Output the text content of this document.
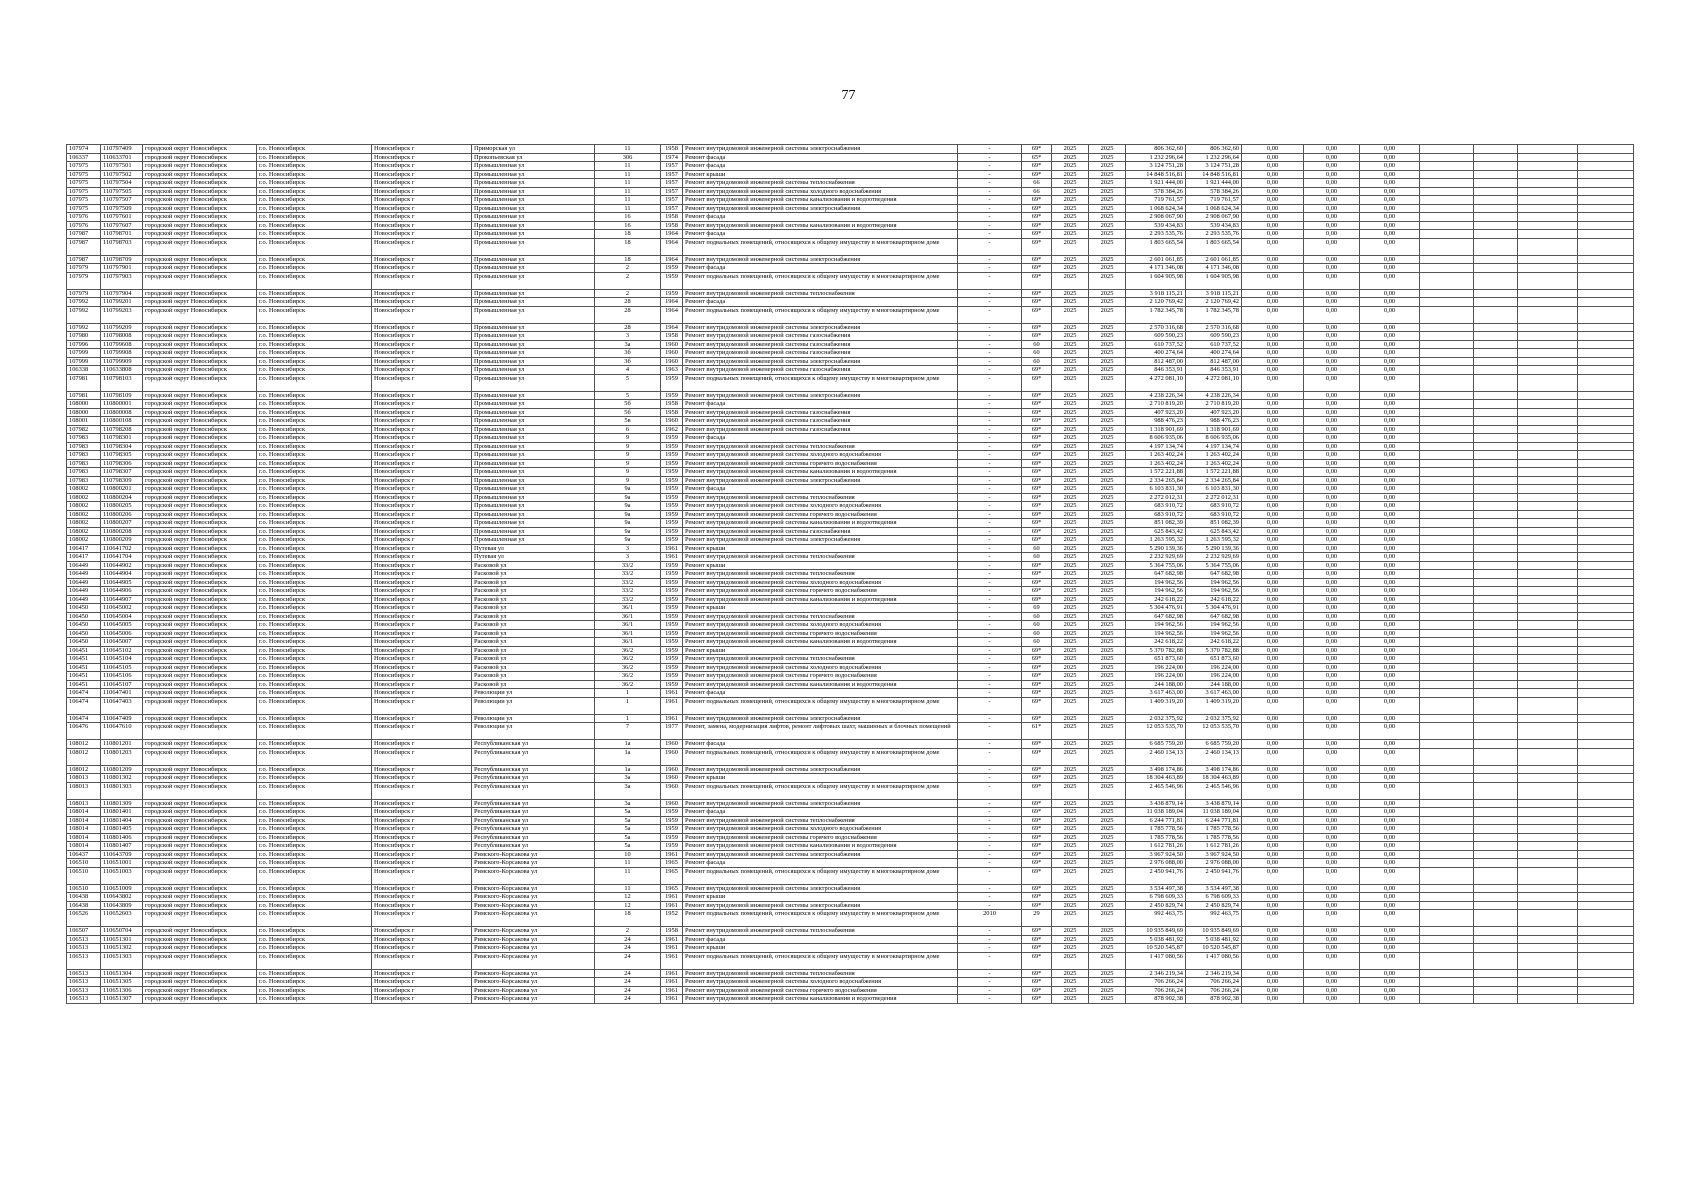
77
107974	110797409	городской округ Новосибирск	г.о. Новосибирск	Новосибирск г	Приморская ул	11	1958	Ремонт внутридомовой инженерной системы электроснабжения	-	69*	2025	2025	806 362,60	806 362,60	0,00	0,00	0,00				
106337	110633701	городской округ Новосибирск	г.о. Новосибирск	Новосибирск г	Прокопьевская ул	306	1974	Ремонт фасада	-	65*	2025	2025	1 232 296,64	1 232 296,64	0,00	0,00	0,00				
107975	110797501	городской округ Новосибирск	г.о. Новосибирск	Новосибирск г	Промышленная ул	11	1957	Ремонт фасада	-	69*	2025	2025	3 124 751,28	3 124 751,28	0,00	0,00	0,00				
107975	110797502	городской округ Новосибирск	г.о. Новосибирск	Новосибирск г	Промышленная ул	11	1957	Ремонт крыши	-	69*	2025	2025	14 848 516,81	14 848 516,81	0,00	0,00	0,00				
107975	110797504	городской округ Новосибирск	г.о. Новосибирск	Новосибирск г	Промышленная ул	11	1957	Ремонт внутридомовой инженерной системы теплоснабжения	-	66	2025	2025	1 921 444,00	1 921 444,00	0,00	0,00	0,00				
107975	110797505	городской округ Новосибирск	г.о. Новосибирск	Новосибирск г	Промышленная ул	11	1957	Ремонт внутридомовой инженерной системы холодного водоснабжения	-	66	2025	2025	578 384,26	578 384,26	0,00	0,00	0,00				
107975	110797507	городской округ Новосибирск	г.о. Новосибирск	Новосибирск г	Промышленная ул	11	1957	Ремонт внутридомовой инженерной системы канализования и водоотведения	-	69*	2025	2025	719 761,57	719 761,57	0,00	0,00	0,00				
107975	110797509	городской округ Новосибирск	г.о. Новосибирск	Новосибирск г	Промышленная ул	11	1957	Ремонт внутридомовой инженерной системы электроснабжения	-	69*	2025	2025	1 068 624,34	1 068 624,34	0,00	0,00	0,00				
107976	110797601	городской округ Новосибирск	г.о. Новосибирск	Новосибирск г	Промышленная ул	16	1958	Ремонт фасада	-	69*	2025	2025	2 908 067,90	2 908 067,90	0,00	0,00	0,00				
107976	110797607	городской округ Новосибирск	г.о. Новосибирск	Новосибирск г	Промышленная ул	16	1958	Ремонт внутридомовой инженерной системы канализования и водоотведения	-	69*	2025	2025	539 434,83	539 434,83	0,00	0,00	0,00				
107987	110798701	городской округ Новосибирск	г.о. Новосибирск	Новосибирск г	Промышленная ул	18	1964	Ремонт фасада	-	69*	2025	2025	2 293 535,76	2 293 535,76	0,00	0,00	0,00				
107987	110798703	городской округ Новосибирск	г.о. Новосибирск	Новосибирск г	Промышленная ул	18	1964	Ремонт подвальных помещений, относящихся к общему имуществу в многоквартирном доме	-	69*	2025	2025	1 803 665,54	1 803 665,54	0,00	0,00	0,00				
107987	110798709	городской округ Новосибирск	г.о. Новосибирск	Новосибирск г	Промышленная ул	18	1964	Ремонт внутридомовой инженерной системы электроснабжения	-	69*	2025	2025	2 601 061,85	2 601 061,85	0,00	0,00	0,00				
107979	110797901	городской округ Новосибирск	г.о. Новосибирск	Новосибирск г	Промышленная ул	2	1959	Ремонт фасада	-	69*	2025	2025	4 171 346,08	4 171 346,08	0,00	0,00	0,00				
107979	110797903	городской округ Новосибирск	г.о. Новосибирск	Новосибирск г	Промышленная ул	2	1959	Ремонт подвальных помещений, относящихся к общему имуществу в многоквартирном доме	-	69*	2025	2025	1 604 905,98	1 604 905,98	0,00	0,00	0,00				
107979	110797904	городской округ Новосибирск	г.о. Новосибирск	Новосибирск г	Промышленная ул	2	1959	Ремонт внутридомовой инженерной системы теплоснабжения	-	69*	2025	2025	3 918 115,21	3 918 115,21	0,00	0,00	0,00				
107992	110799201	городской округ Новосибирск	г.о. Новосибирск	Новосибирск г	Промышленная ул	28	1964	Ремонт фасада	-	69*	2025	2025	2 120 769,42	2 120 769,42	0,00	0,00	0,00				
107992	110799203	городской округ Новосибирск	г.о. Новосибирск	Новосибирск г	Промышленная ул	28	1964	Ремонт подвальных помещений, относящихся к общему имуществу в многоквартирном доме	-	69*	2025	2025	1 782 345,78	1 782 345,78	0,00	0,00	0,00				
107992	110799209	городской округ Новосибирск	г.о. Новосибирск	Новосибирск г	Промышленная ул	28	1964	Ремонт внутридомовой инженерной системы электроснабжения	-	69*	2025	2025	2 570 316,68	2 570 316,68	0,00	0,00	0,00				
107980	110798008	городской округ Новосибирск	г.о. Новосибирск	Новосибирск г	Промышленная ул	3	1958	Ремонт внутридомовой инженерной системы газоснабжения	-	69*	2025	2025	609 590,23	609 590,23	0,00	0,00	0,00				
107996	110799608	городской округ Новосибирск	г.о. Новосибирск	Новосибирск г	Промышленная ул	3а	1960	Ремонт внутридомовой инженерной системы газоснабжения	-	60	2025	2025	610 737,52	610 737,52	0,00	0,00	0,00				
107999	110799908	городской округ Новосибирск	г.о. Новосибирск	Новосибирск г	Промышленная ул	3б	1960	Ремонт внутридомовой инженерной системы газоснабжения	-	60	2025	2025	400 274,64	400 274,64	0,00	0,00	0,00				
107999	110799909	городской округ Новосибирск	г.о. Новосибирск	Новосибирск г	Промышленная ул	3б	1960	Ремонт внутридомовой инженерной системы электроснабжения	-	60	2025	2025	812 487,00	812 487,00	0,00	0,00	0,00				
106338	110633808	городской округ Новосибирск	г.о. Новосибирск	Новосибирск г	Промышленная ул	4	1963	Ремонт внутридомовой инженерной системы газоснабжения	-	69*	2025	2025	846 353,91	846 353,91	0,00	0,00	0,00				
107981	110798103	городской округ Новосибирск	г.о. Новосибирск	Новосибирск г	Промышленная ул	5	1959	Ремонт подвальных помещений, относящихся к общему имуществу в многоквартирном доме	-	69*	2025	2025	4 272 081,10	4 272 081,10	0,00	0,00	0,00				
107981	110798109	городской округ Новосибирск	г.о. Новосибирск	Новосибирск г	Промышленная ул	5	1959	Ремонт внутридомовой инженерной системы электроснабжения	-	69*	2025	2025	4 238 226,34	4 238 226,34	0,00	0,00	0,00				
108000	110800001	городской округ Новосибирск	г.о. Новосибирск	Новосибирск г	Промышленная ул	5б	1958	Ремонт фасада	-	69*	2025	2025	2 710 819,20	2 710 819,20	0,00	0,00	0,00				
108000	110800008	городской округ Новосибирск	г.о. Новосибирск	Новосибирск г	Промышленная ул	5б	1958	Ремонт внутридомовой инженерной системы газоснабжения	-	69*	2025	2025	407 923,20	407 923,20	0,00	0,00	0,00				
108001	110800108	городской округ Новосибирск	г.о. Новосибирск	Новосибирск г	Промышленная ул	5в	1960	Ремонт внутридомовой инженерной системы газоснабжения	-	69*	2025	2025	988 476,23	988 476,23	0,00	0,00	0,00				
107982	110798208	городской округ Новосибирск	г.о. Новосибирск	Новосибирск г	Промышленная ул	6	1962	Ремонт внутридомовой инженерной системы газоснабжения	-	69*	2025	2025	1 318 901,69	1 318 901,69	0,00	0,00	0,00				
107983	110798301	городской округ Новосибирск	г.о. Новосибирск	Новосибирск г	Промышленная ул	9	1959	Ремонт фасада	-	69*	2025	2025	8 606 935,06	8 606 935,06	0,00	0,00	0,00				
107983	110798304	городской округ Новосибирск	г.о. Новосибирск	Новосибирск г	Промышленная ул	9	1959	Ремонт внутридомовой инженерной системы теплоснабжения	-	69*	2025	2025	4 197 134,74	4 197 134,74	0,00	0,00	0,00				
107983	110798305	городской округ Новосибирск	г.о. Новосибирск	Новосибирск г	Промышленная ул	9	1959	Ремонт внутридомовой инженерной системы холодного водоснабжения	-	69*	2025	2025	1 263 402,24	1 263 402,24	0,00	0,00	0,00				
107983	110798306	городской округ Новосибирск	г.о. Новосибирск	Новосибирск г	Промышленная ул	9	1959	Ремонт внутридомовой инженерной системы горячего водоснабжения	-	69*	2025	2025	1 263 402,24	1 263 402,24	0,00	0,00	0,00				
107983	110798307	городской округ Новосибирск	г.о. Новосибирск	Новосибирск г	Промышленная ул	9	1959	Ремонт внутридомовой инженерной системы канализования и водоотведения	-	69*	2025	2025	1 572 221,88	1 572 221,88	0,00	0,00	0,00				
107983	110798309	городской округ Новосибирск	г.о. Новосибирск	Новосибирск г	Промышленная ул	9	1959	Ремонт внутридомовой инженерной системы электроснабжения	-	69*	2025	2025	2 334 265,84	2 334 265,84	0,00	0,00	0,00				
108002	110800201	городской округ Новосибирск	г.о. Новосибирск	Новосибирск г	Промышленная ул	9а	1959	Ремонт фасада	-	69*	2025	2025	6 103 831,30	6 103 831,30	0,00	0,00	0,00				
108002	110800204	городской округ Новосибирск	г.о. Новосибирск	Новосибирск г	Промышленная ул	9а	1959	Ремонт внутридомовой инженерной системы теплоснабжения	-	69*	2025	2025	2 272 012,31	2 272 012,31	0,00	0,00	0,00				
108002	110800205	городской округ Новосибирск	г.о. Новосибирск	Новосибирск г	Промышленная ул	9а	1959	Ремонт внутридомовой инженерной системы холодного водоснабжения	-	69*	2025	2025	683 910,72	683 910,72	0,00	0,00	0,00				
108002	110800206	городской округ Новосибирск	г.о. Новосибирск	Новосибирск г	Промышленная ул	9а	1959	Ремонт внутридомовой инженерной системы горячего водоснабжения	-	69*	2025	2025	683 910,72	683 910,72	0,00	0,00	0,00				
108002	110800207	городской округ Новосибирск	г.о. Новосибирск	Новосибирск г	Промышленная ул	9а	1959	Ремонт внутридомовой инженерной системы канализования и водоотведения	-	69*	2025	2025	851 082,39	851 082,39	0,00	0,00	0,00				
108002	110800208	городской округ Новосибирск	г.о. Новосибирск	Новосибирск г	Промышленная ул	9а	1959	Ремонт внутридомовой инженерной системы газоснабжения	-	69*	2025	2025	625 843,42	625 843,42	0,00	0,00	0,00				
108002	110800209	городской округ Новосибирск	г.о. Новосибирск	Новосибирск г	Промышленная ул	9а	1959	Ремонт внутридомовой инженерной системы электроснабжения	-	69*	2025	2025	1 263 595,32	1 263 595,32	0,00	0,00	0,00				
106417	110641702	городской округ Новосибирск	г.о. Новосибирск	Новосибирск г	Путевая ул	3	1961	Ремонт крыши	-	60	2025	2025	5 290 139,36	5 290 139,36	0,00	0,00	0,00				
106417	110641704	городской округ Новосибирск	г.о. Новосибирск	Новосибирск г	Путевая ул	3	1961	Ремонт внутридомовой инженерной системы теплоснабжения	-	60	2025	2025	2 232 929,69	2 232 929,69	0,00	0,00	0,00				
106449	110644902	городской округ Новосибирск	г.о. Новосибирск	Новосибирск г	Расковой ул	33/2	1959	Ремонт крыши	-	69*	2025	2025	5 364 755,06	5 364 755,06	0,00	0,00	0,00				
106449	110644904	городской округ Новосибирск	г.о. Новосибирск	Новосибирск г	Расковой ул	33/2	1959	Ремонт внутридомовой инженерной системы теплоснабжения	-	69*	2025	2025	647 682,98	647 682,98	0,00	0,00	0,00				
106449	110644905	городской округ Новосибирск	г.о. Новосибирск	Новосибирск г	Расковой ул	33/2	1959	Ремонт внутридомовой инженерной системы холодного водоснабжения	-	69*	2025	2025	194 962,56	194 962,56	0,00	0,00	0,00				
106449	110644906	городской округ Новосибирск	г.о. Новосибирск	Новосибирск г	Расковой ул	33/2	1959	Ремонт внутридомовой инженерной системы горячего водоснабжения	-	69*	2025	2025	194 962,56	194 962,56	0,00	0,00	0,00				
106449	110644907	городской округ Новосибирск	г.о. Новосибирск	Новосибирск г	Расковой ул	33/2	1959	Ремонт внутридомовой инженерной системы канализования и водоотведения	-	69*	2025	2025	242 618,22	242 618,22	0,00	0,00	0,00				
106450	110645002	городской округ Новосибирск	г.о. Новосибирск	Новосибирск г	Расковой ул	36/1	1959	Ремонт крыши	-	69	2025	2025	5 304 476,91	5 304 476,91	0,00	0,00	0,00				
106450	110645004	городской округ Новосибирск	г.о. Новосибирск	Новосибирск г	Расковой ул	36/1	1959	Ремонт внутридомовой инженерной системы теплоснабжения	-	60	2025	2025	647 682,98	647 682,98	0,00	0,00	0,00				
106450	110645005	городской округ Новосибирск	г.о. Новосибирск	Новосибирск г	Расковой ул	36/1	1959	Ремонт внутридомовой инженерной системы холодного водоснабжения	-	60	2025	2025	194 962,56	194 962,56	0,00	0,00	0,00				
106450	110645006	городской округ Новосибирск	г.о. Новосибирск	Новосибирск г	Расковой ул	36/1	1959	Ремонт внутридомовой инженерной системы горячего водоснабжения	-	60	2025	2025	194 962,56	194 962,56	0,00	0,00	0,00				
106450	110645007	городской округ Новосибирск	г.о. Новосибирск	Новосибирск г	Расковой ул	36/1	1959	Ремонт внутридомовой инженерной системы канализования и водоотведения	-	60	2025	2025	242 618,22	242 618,22	0,00	0,00	0,00				
106451	110645102	городской округ Новосибирск	г.о. Новосибирск	Новосибирск г	Расковой ул	36/2	1959	Ремонт крыши	-	69*	2025	2025	5 370 782,88	5 370 782,88	0,00	0,00	0,00				
106451	110645104	городской округ Новосибирск	г.о. Новосибирск	Новосибирск г	Расковой ул	36/2	1959	Ремонт внутридомовой инженерной системы теплоснабжения	-	69*	2025	2025	651 873,60	651 873,60	0,00	0,00	0,00				
106451	110645105	городской округ Новосибирск	г.о. Новосибирск	Новосибирск г	Расковой ул	36/2	1959	Ремонт внутридомовой инженерной системы холодного водоснабжения	-	69*	2025	2025	196 224,00	196 224,00	0,00	0,00	0,00				
106451	110645106	городской округ Новосибирск	г.о. Новосибирск	Новосибирск г	Расковой ул	36/2	1959	Ремонт внутридомовой инженерной системы горячего водоснабжения	-	69*	2025	2025	196 224,00	196 224,00	0,00	0,00	0,00				
106451	110645107	городской округ Новосибирск	г.о. Новосибирск	Новосибирск г	Расковой ул	36/2	1959	Ремонт внутридомовой инженерной системы канализования и водоотведения	-	69*	2025	2025	244 188,00	244 188,00	0,00	0,00	0,00				
106474	110647401	городской округ Новосибирск	г.о. Новосибирск	Новосибирск г	Революции ул	1	1961	Ремонт фасада	-	69*	2025	2025	3 617 463,00	3 617 463,00	0,00	0,00	0,00				
106474	110647403	городской округ Новосибирск	г.о. Новосибирск	Новосибирск г	Революции ул	1	1961	Ремонт подвальных помещений, относящихся к общему имуществу в многоквартирном доме	-	69*	2025	2025	1 409 319,20	1 409 319,20	0,00	0,00	0,00				
106474	110647409	городской округ Новосибирск	г.о. Новосибирск	Новосибирск г	Революции ул	1	1961	Ремонт внутридомовой инженерной системы электроснабжения	-	69*	2025	2025	2 032 375,92	2 032 375,92	0,00	0,00	0,00				
106476	110647610	городской округ Новосибирск	г.о. Новосибирск	Новосибирск г	Революции ул	7	1977	Ремонт, замена, модернизация лифтов, ремонт лифтовых шахт, машинных и блочных помещений	-	61*	2025	2025	12 053 535,70	12 053 535,70	0,00	0,00	0,00				
108012	110801201	городской округ Новосибирск	г.о. Новосибирск	Новосибирск г	Республиканская ул	1а	1960	Ремонт фасада	-	69*	2025	2025	6 685 759,20	6 685 759,20	0,00	0,00	0,00				
108012	110801203	городской округ Новосибирск	г.о. Новосибирск	Новосибирск г	Республиканская ул	1а	1960	Ремонт подвальных помещений, относящихся к общему имуществу в многоквартирном доме	-	69*	2025	2025	2 460 134,13	2 460 134,13	0,00	0,00	0,00				
108012	110801209	городской округ Новосибирск	г.о. Новосибирск	Новосибирск г	Республиканская ул	1а	1960	Ремонт внутридомовой инженерной системы электроснабжения	-	69*	2025	2025	3 498 174,86	3 498 174,86	0,00	0,00	0,00				
108013	110801302	городской округ Новосибирск	г.о. Новосибирск	Новосибирск г	Республиканская ул	3а	1960	Ремонт крыши	-	69*	2025	2025	18 304 463,89	18 304 463,89	0,00	0,00	0,00				
108013	110801303	городской округ Новосибирск	г.о. Новосибирск	Новосибирск г	Республиканская ул	3а	1960	Ремонт подвальных помещений, относящихся к общему имуществу в многоквартирном доме	-	69*	2025	2025	2 465 546,96	2 465 546,96	0,00	0,00	0,00				
108013	110801309	городской округ Новосибирск	г.о. Новосибирск	Новосибирск г	Республиканская ул	3а	1960	Ремонт внутридомовой инженерной системы электроснабжения	-	69*	2025	2025	3 438 879,14	3 438 879,14	0,00	0,00	0,00				
108014	110801401	городской округ Новосибирск	г.о. Новосибирск	Новосибирск г	Республиканская ул	5а	1959	Ремонт фасада	-	69*	2025	2025	11 038 189,04	11 038 189,04	0,00	0,00	0,00				
108014	110801404	городской округ Новосибирск	г.о. Новосибирск	Новосибирск г	Республиканская ул	5а	1959	Ремонт внутридомовой инженерной системы теплоснабжения	-	69*	2025	2025	6 244 771,81	6 244 771,81	0,00	0,00	0,00				
108014	110801405	городской округ Новосибирск	г.о. Новосибирск	Новосибирск г	Республиканская ул	5а	1959	Ремонт внутридомовой инженерной системы холодного водоснабжения	-	69*	2025	2025	1 785 778,56	1 785 778,56	0,00	0,00	0,00				
108014	110801406	городской округ Новосибирск	г.о. Новосибирск	Новосибирск г	Республиканская ул	5а	1959	Ремонт внутридомовой инженерной системы горячего водоснабжения	-	69*	2025	2025	1 785 778,56	1 785 778,56	0,00	0,00	0,00				
108014	110801407	городской округ Новосибирск	г.о. Новосибирск	Новосибирск г	Республиканская ул	5а	1959	Ремонт внутридомовой инженерной системы канализования и водоотведения	-	69*	2025	2025	1 612 781,26	1 612 781,26	0,00	0,00	0,00				
106437	110643709	городской округ Новосибирск	г.о. Новосибирск	Новосибирск г	Римского-Корсакова ул	10	1961	Ремонт внутридомовой инженерной системы электроснабжения	-	69*	2025	2025	3 967 924,50	3 967 924,50	0,00	0,00	0,00				
106510	110651001	городской округ Новосибирск	г.о. Новосибирск	Новосибирск г	Римского-Корсакова ул	11	1965	Ремонт фасада	-	69*	2025	2025	2 976 088,00	2 976 088,00	0,00	0,00	0,00				
106510	110651003	городской округ Новосибирск	г.о. Новосибирск	Новосибирск г	Римского-Корсакова ул	11	1965	Ремонт подвальных помещений, относящихся к общему имуществу в многоквартирном доме	-	69*	2025	2025	2 450 941,76	2 450 941,76	0,00	0,00	0,00				
106510	110651009	городской округ Новосибирск	г.о. Новосибирск	Новосибирск г	Римского-Корсакова ул	11	1965	Ремонт внутридомовой инженерной системы электроснабжения	-	69*	2025	2025	3 534 497,38	3 534 497,38	0,00	0,00	0,00				
106438	110643802	городской округ Новосибирск	г.о. Новосибирск	Новосибирск г	Римского-Корсакова ул	12	1961	Ремонт крыши	-	69*	2025	2025	6 798 609,33	6 798 609,33	0,00	0,00	0,00				
106438	110643809	городской округ Новосибирск	г.о. Новосибирск	Новосибирск г	Римского-Корсакова ул	12	1961	Ремонт внутридомовой инженерной системы электроснабжения	-	69*	2025	2025	2 450 829,74	2 450 829,74	0,00	0,00	0,00				
106526	110652603	городской округ Новосибирск	г.о. Новосибирск	Новосибирск г	Римского-Корсакова ул	18	1952	Ремонт подвальных помещений, относящихся к общему имуществу в многоквартирном доме	2010	29	2025	2025	992 463,75	992 463,75	0,00	0,00	0,00				
106507	110650704	городской округ Новосибирск	г.о. Новосибирск	Новосибирск г	Римского-Корсакова ул	2	1958	Ремонт внутридомовой инженерной системы теплоснабжения	-	69*	2025	2025	10 935 849,69	10 935 849,69	0,00	0,00	0,00				
106513	110651301	городской округ Новосибирск	г.о. Новосибирск	Новосибирск г	Римского-Корсакова ул	24	1961	Ремонт фасада	-	69*	2025	2025	5 038 481,92	5 038 481,92	0,00	0,00	0,00				
106513	110651302	городской округ Новосибирск	г.о. Новосибирск	Новосибирск г	Римского-Корсакова ул	24	1961	Ремонт крыши	-	69*	2025	2025	10 520 545,87	10 520 545,87	0,00	0,00	0,00				
106513	110651303	городской округ Новосибирск	г.о. Новосибирск	Новосибирск г	Римского-Корсакова ул	24	1961	Ремонт подвальных помещений, относящихся к общему имуществу в многоквартирном доме	-	69*	2025	2025	1 417 080,56	1 417 080,56	0,00	0,00	0,00				
106513	110651304	городской округ Новосибирск	г.о. Новосибирск	Новосибирск г	Римского-Корсакова ул	24	1961	Ремонт внутридомовой инженерной системы теплоснабжения	-	69*	2025	2025	2 346 219,34	2 346 219,34	0,00	0,00	0,00				
106513	110651305	городской округ Новосибирск	г.о. Новосибирск	Новосибирск г	Римского-Корсакова ул	24	1961	Ремонт внутридомовой инженерной системы холодного водоснабжения	-	69*	2025	2025	706 266,24	706 266,24	0,00	0,00	0,00				
106513	110651306	городской округ Новосибирск	г.о. Новосибирск	Новосибирск г	Римского-Корсакова ул	24	1961	Ремонт внутридомовой инженерной системы горячего водоснабжения	-	69*	2025	2025	706 266,24	706 266,24	0,00	0,00	0,00				
106513	110651307	городской округ Новосибирск	г.о. Новосибирск	Новосибирск г	Римского-Корсакова ул	24	1961	Ремонт внутридомовой инженерной системы канализования и водоотведения	-	69*	2025	2025	878 902,38	878 902,38	0,00	0,00	0,00				
